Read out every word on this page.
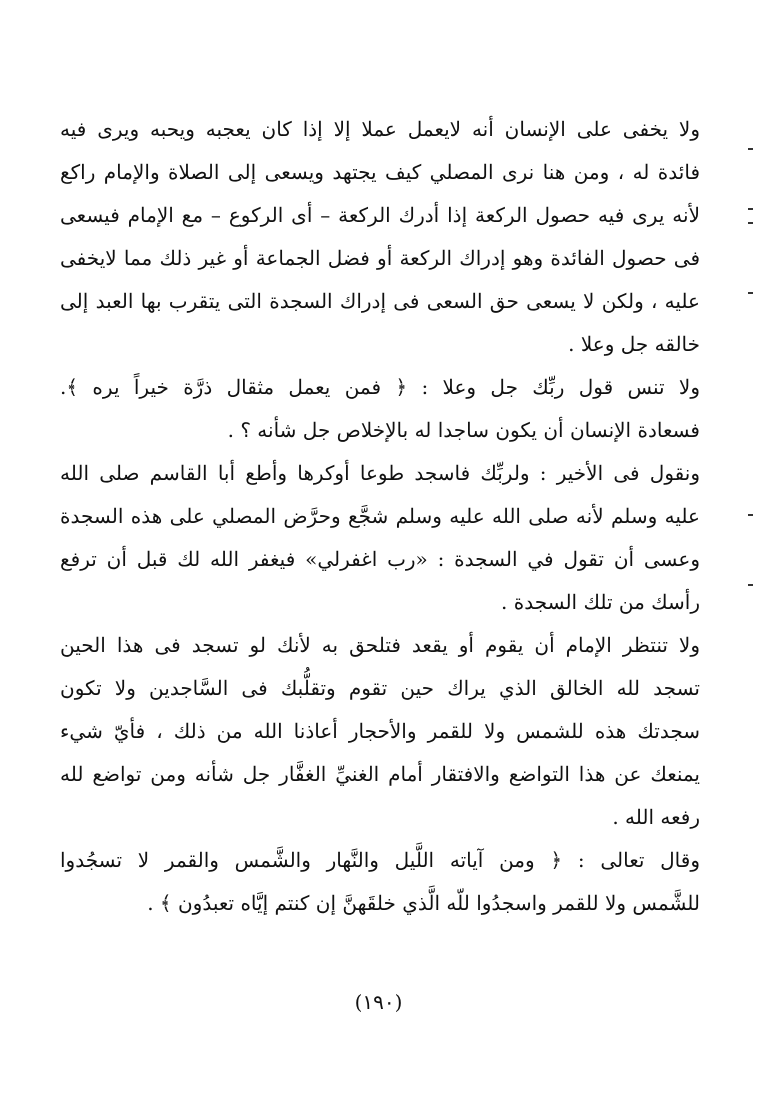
ولا يخفى على الإنسان أنه لايعمل عملا إلا إذا كان يعجبه ويحبه ويرى فيه
فائدة له ، ومن هنا نرى المصلي كيف يجتهد ويسعى إلى الصلاة والإمام راكع
لأنه يرى فيه حصول الركعة إذا أدرك الركعة – أى الركوع – مع الإمام فيسعى
فى حصول الفائدة وهو إدراك الركعة أو فضل الجماعة أو غير ذلك مما لايخفى
عليه ، ولكن لا يسعى حق السعى فى إدراك السجدة التى يتقرب بها العبد إلى
خالقه جل وعلا .
ولا تنس قول ربِّك جل وعلا : ﴿ فمن يعمل مثقال ذرَّة خيراً يره ﴾.
فسعادة الإنسان أن يكون ساجدا له بالإخلاص جل شأنه ؟ .
ونقول فى الأخير : ولربِّك فاسجد طوعا أوكرها وأطع أبا القاسم صلى الله
عليه وسلم لأنه صلى الله عليه وسلم شجَّع وحرَّض المصلي على هذه السجدة
وعسى أن تقول في السجدة : «رب اغفرلي» فيغفر الله لك قبل أن ترفع
رأسك من تلك السجدة .
ولا تنتظر الإمام أن يقوم أو يقعد فتلحق به لأنك لو تسجد فى هذا الحين
تسجد لله الخالق الذي يراك حين تقوم وتقلُّبك فى السَّاجدين ولا تكون
سجدتك هذه للشمس ولا للقمر والأحجار أعاذنا الله من ذلك ، فأيّ شيء
يمنعك عن هذا التواضع والافتقار أمام الغنيِّ الغفَّار جل شأنه ومن تواضع لله
رفعه الله .
وقال تعالى : ﴿ ومن آياته اللَّيل والنَّهار والشَّمس والقمر لا تسجُدوا
للشَّمس ولا للقمر واسجدُوا للّه الَّذي خلقَهنَّ إن كنتم إيَّاه تعبدُون ﴾ .
(١٩٠)
